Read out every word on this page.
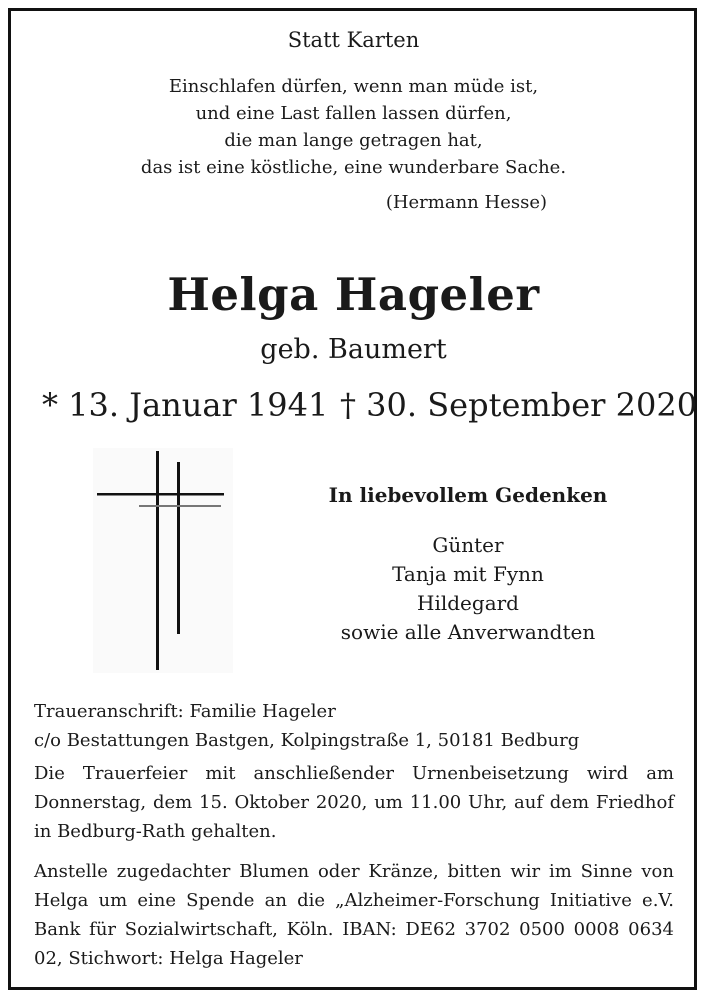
Statt Karten
Einschlafen dürfen, wenn man müde ist,
und eine Last fallen lassen dürfen,
die man lange getragen hat,
das ist eine köstliche, eine wunderbare Sache.
(Hermann Hesse)
Helga Hageler
geb. Baumert
* 13. Januar 1941 † 30. September 2020
In liebevollem Gedenken
Günter
Tanja mit Fynn
Hildegard
sowie alle Anverwandten
Traueranschrift: Familie Hageler
c/o Bestattungen Bastgen, Kolpingstraße 1, 50181 Bedburg
Die Trauerfeier mit anschließender Urnenbeisetzung wird am Donnerstag, dem 15. Oktober 2020, um 11.00 Uhr, auf dem Friedhof in Bedburg-Rath gehalten.
Anstelle zugedachter Blumen oder Kränze, bitten wir im Sinne von Helga um eine Spende an die „Alzheimer-Forschung Initiative e.V. Bank für Sozialwirtschaft, Köln. IBAN: DE62 3702 0500 0008 0634 02, Stichwort: Helga Hageler
